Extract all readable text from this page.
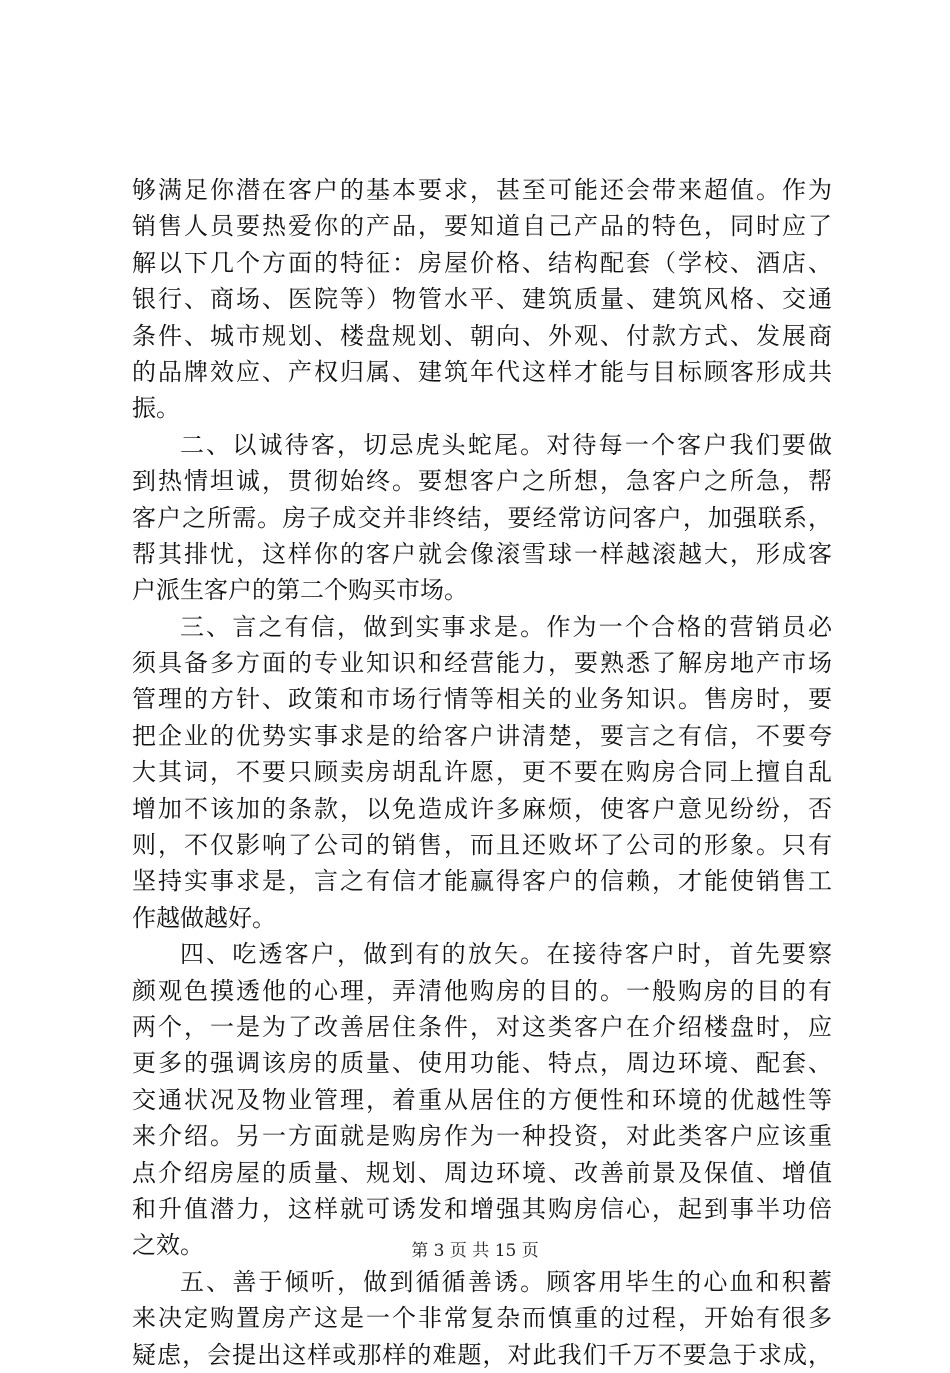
够满足你潜在客户的基本要求，甚至可能还会带来超值。作为
销售人员要热爱你的产品，要知道自己产品的特色，同时应了
解以下几个方面的特征：房屋价格、结构配套（学校、酒店、
银行、商场、医院等）物管水平、建筑质量、建筑风格、交通
条件、城市规划、楼盘规划、朝向、外观、付款方式、发展商
的品牌效应、产权归属、建筑年代这样才能与目标顾客形成共
振。
二、以诚待客，切忌虎头蛇尾。对待每一个客户我们要做
到热情坦诚，贯彻始终。要想客户之所想，急客户之所急，帮
客户之所需。房子成交并非终结，要经常访问客户，加强联系，
帮其排忧，这样你的客户就会像滚雪球一样越滚越大，形成客
户派生客户的第二个购买市场。
三、言之有信，做到实事求是。作为一个合格的营销员必
须具备多方面的专业知识和经营能力，要熟悉了解房地产市场
管理的方针、政策和市场行情等相关的业务知识。售房时，要
把企业的优势实事求是的给客户讲清楚，要言之有信，不要夸
大其词，不要只顾卖房胡乱许愿，更不要在购房合同上擅自乱
增加不该加的条款，以免造成许多麻烦，使客户意见纷纷，否
则，不仅影响了公司的销售，而且还败坏了公司的形象。只有
坚持实事求是，言之有信才能赢得客户的信赖，才能使销售工
作越做越好。
四、吃透客户，做到有的放矢。在接待客户时，首先要察
颜观色摸透他的心理，弄清他购房的目的。一般购房的目的有
两个，一是为了改善居住条件，对这类客户在介绍楼盘时，应
更多的强调该房的质量、使用功能、特点，周边环境、配套、
交通状况及物业管理，着重从居住的方便性和环境的优越性等
来介绍。另一方面就是购房作为一种投资，对此类客户应该重
点介绍房屋的质量、规划、周边环境、改善前景及保值、增值
和升值潜力，这样就可诱发和增强其购房信心，起到事半功倍
之效。
五、善于倾听，做到循循善诱。顾客用毕生的心血和积蓄
来决定购置房产这是一个非常复杂而慎重的过程，开始有很多
疑虑，会提出这样或那样的难题，对此我们千万不要急于求成，
第 3 页 共 15 页
